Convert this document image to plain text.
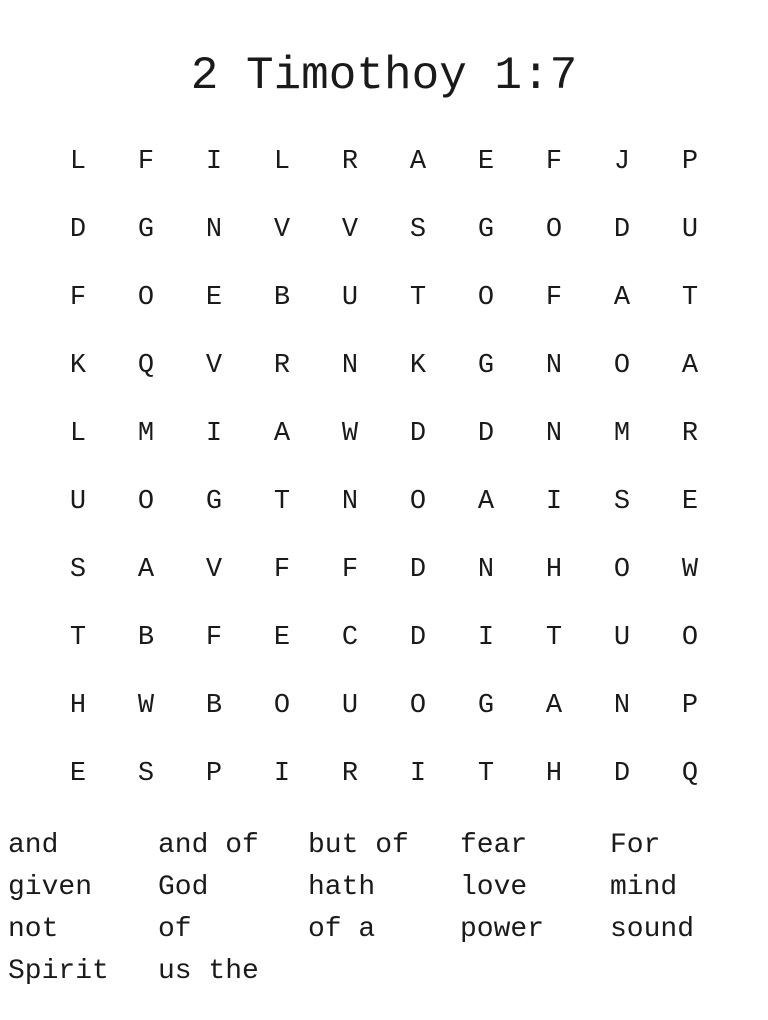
2 Timothoy 1:7
L	F	I	L	R	A	E	F	J	P
D	G	N	V	V	S	G	O	D	U
F	O	E	B	U	T	O	F	A	T
K	Q	V	R	N	K	G	N	O	A
L	M	I	A	W	D	D	N	M	R
U	O	G	T	N	O	A	I	S	E
S	A	V	F	F	D	N	H	O	W
T	B	F	E	C	D	I	T	U	O
H	W	B	O	U	O	G	A	N	P
E	S	P	I	R	I	T	H	D	Q
and	and of	but of	fear	For
given	God	hath	love	mind
not	of	of a	power	sound
Spirit	us the
